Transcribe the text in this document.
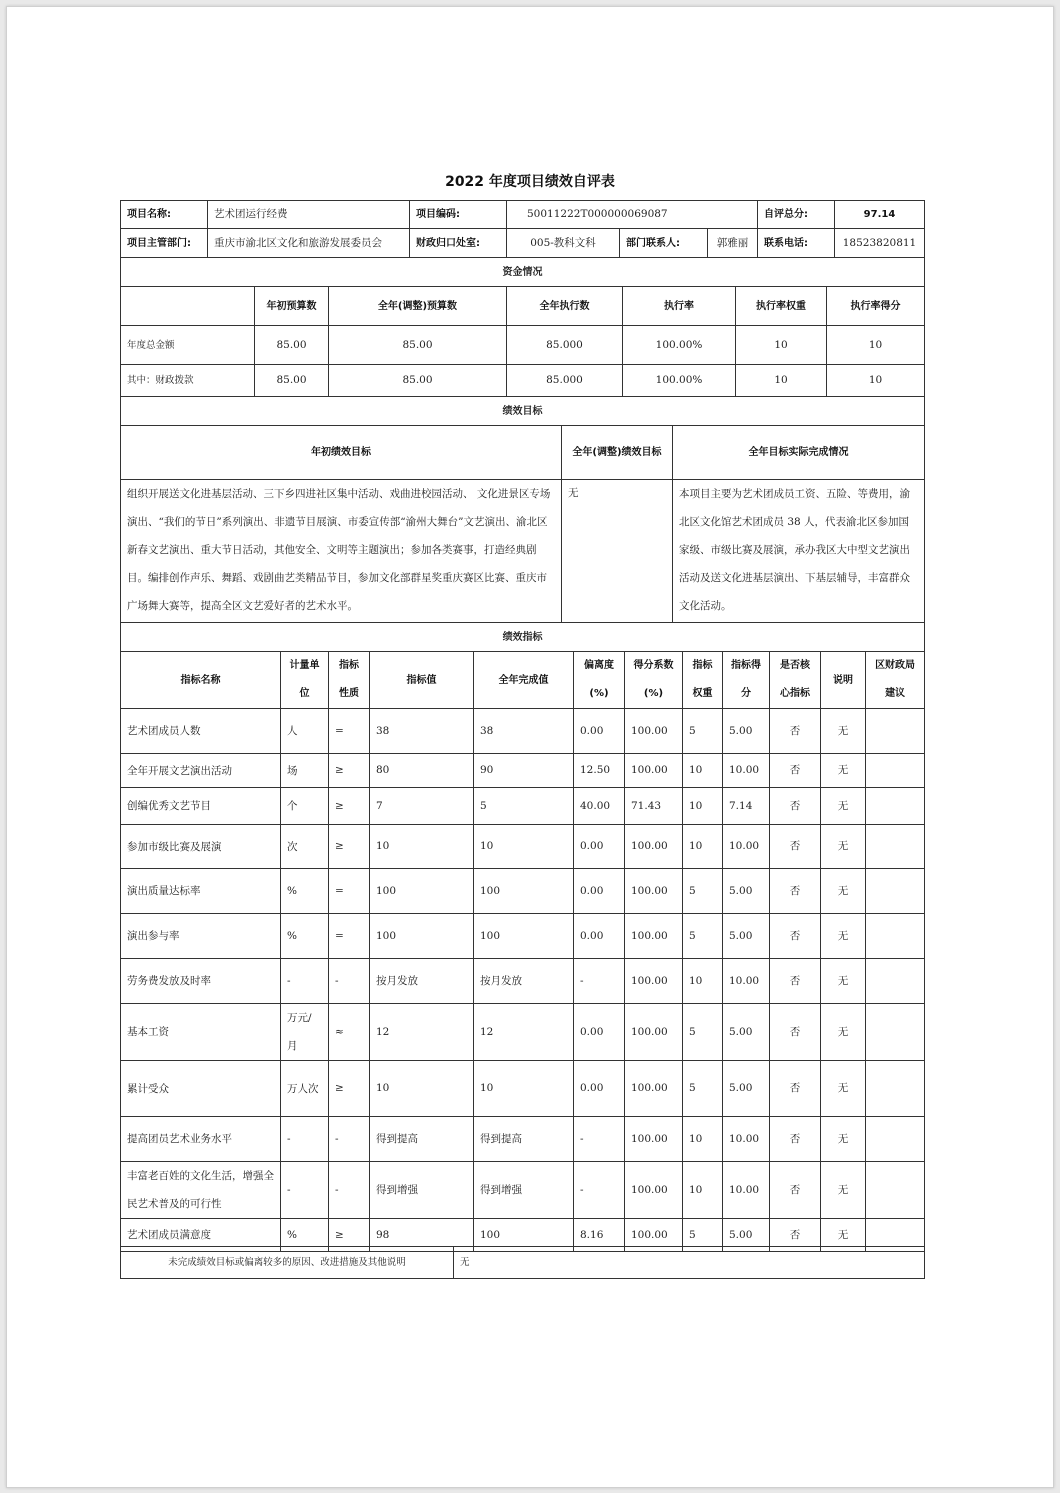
2022 年度项目绩效自评表
项目名称:	艺术团运行经费	项目编码:	50011222T000000069087	自评总分:	97.14
项目主管部门:	重庆市渝北区文化和旅游发展委员会	财政归口处室:	005-教科文科	部门联系人:	郭雅丽	联系电话:	18523820811
资金情况						
	年初预算数	全年(调整)预算数	全年执行数	执行率	执行率权重	执行率得分
年度总金额	85.00	85.00	85.000	100.00%	10	10
其中：财政拨款	85.00	85.00	85.000	100.00%	10	10
绩效目标		
年初绩效目标	全年(调整)绩效目标	全年目标实际完成情况
组织开展送文化进基层活动、三下乡四进社区集中活动、戏曲进校园活动、 文化进景区专场演出、“我们的节日”系列演出、非遗节目展演、市委宣传部“渝州大舞台”文艺演出、渝北区新春文艺演出、重大节日活动，其他安全、文明等主题演出；参加各类赛事，打造经典剧目。编排创作声乐、舞蹈、戏剧曲艺类精品节目，参加文化部群星奖重庆赛区比赛、重庆市广场舞大赛等，提高全区文艺爱好者的艺术水平。	无	本项目主要为艺术团成员工资、五险、等费用，渝北区文化馆艺术团成员 38 人，代表渝北区参加国家级、市级比赛及展演，承办我区大中型文艺演出活动及送文化进基层演出、下基层辅导，丰富群众文化活动。
绩效指标											
指标名称	计量单位	指标性质	指标值	全年完成值	偏离度(%)	得分系数(%)	指标权重	指标得分	是否核心指标	说明	区财政局建议
艺术团成员人数	人	=	38	38	0.00	100.00	5	5.00	否	无	
全年开展文艺演出活动	场	≥	80	90	12.50	100.00	10	10.00	否	无	
创编优秀文艺节目	个	≥	7	5	40.00	71.43	10	7.14	否	无	
参加市级比赛及展演	次	≥	10	10	0.00	100.00	10	10.00	否	无	
演出质量达标率	%	=	100	100	0.00	100.00	5	5.00	否	无	
演出参与率	%	=	100	100	0.00	100.00	5	5.00	否	无	
劳务费发放及时率	-	-	按月发放	按月发放	-	100.00	10	10.00	否	无	
基本工资	万元/月	≈	12	12	0.00	100.00	5	5.00	否	无	
累计受众	万人次	≥	10	10	0.00	100.00	5	5.00	否	无	
提高团员艺术业务水平	-	-	得到提高	得到提高	-	100.00	10	10.00	否	无	
丰富老百姓的文化生活，增强全民艺术普及的可行性	-	-	得到增强	得到增强	-	100.00	10	10.00	否	无	
艺术团成员满意度	%	≥	98	100	8.16	100.00	5	5.00	否	无	
未完成绩效目标或偏离较多的原因、改进措施及其他说明	无
